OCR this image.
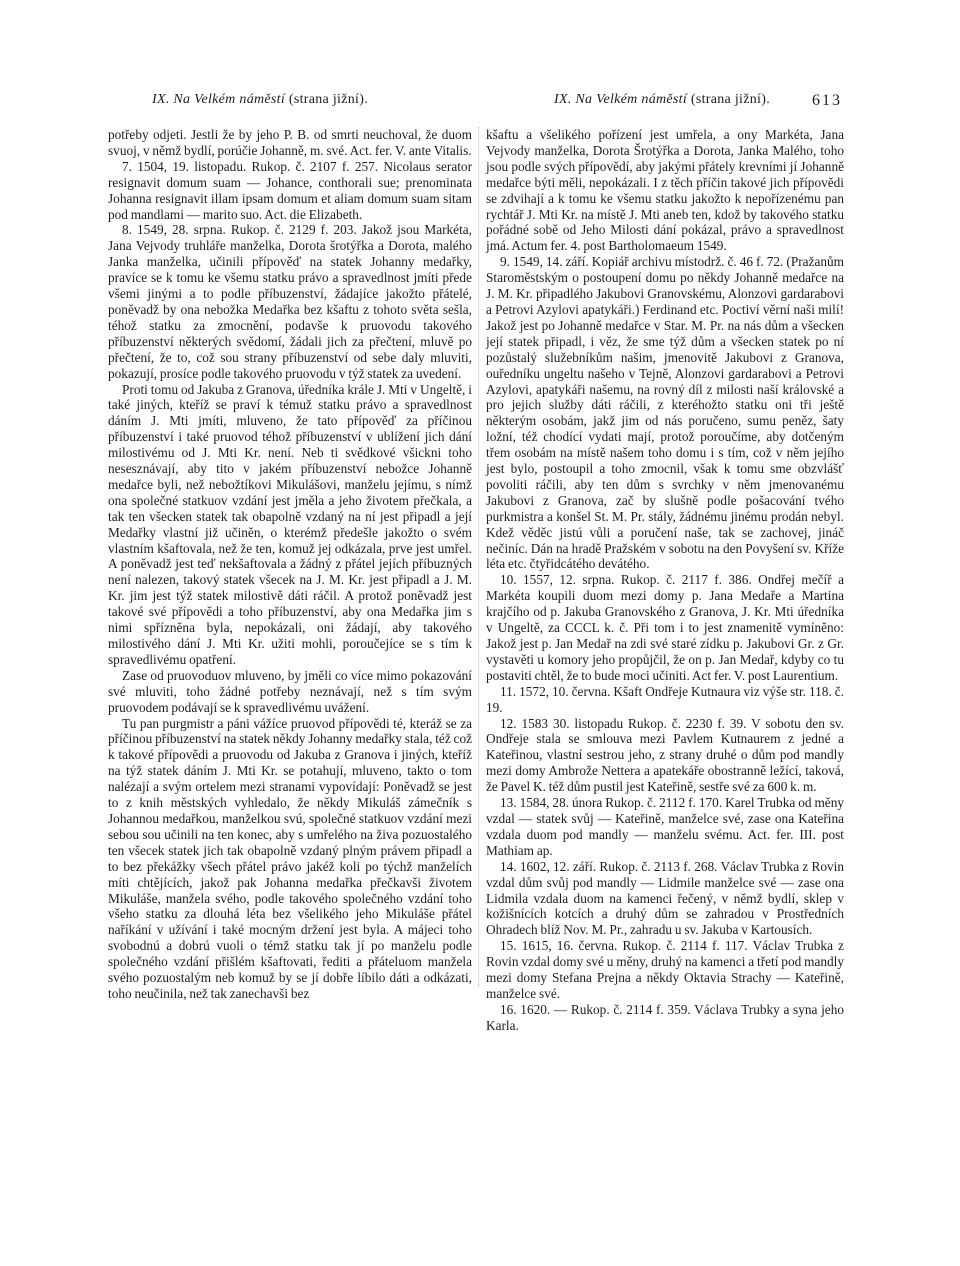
IX. Na Velkém náměstí (strana jižní).	IX. Na Velkém náměstí (strana jižní).	613

potřeby odjeti. Jestli že by jeho P. B. od smrti neuchoval, že duom svuoj, v němž bydlí, porúčie Johanně, m. své. Act. fer. V. ante Vitalis.

7. 1504, 19. listopadu. Rukop. č. 2107 f. 257. Nicolaus serator resignavit domum suam — Johance, conthorali sue; prenominata Johanna resignavit illam ipsam domum et aliam domum suam sitam pod mandlami — marito suo. Act. die Elizabeth.

8. 1549, 28. srpna. Rukop. č. 2129 f. 203. Jakož jsou Markéta, Jana Vejvody truhláře manželka, Dorota šrotýřka a Dorota, malého Janka manželka, učinili přípověď na statek Johanny medařky, pravíce se k tomu ke všemu statku právo a spravedlnost jmíti přede všemi jinými a to podle příbuzenství, žádajíce jakožto přátelé, poněvadž by ona nebožka Medařka bez kšaftu z tohoto světa sešla, téhož statku za zmocnění, podavše k pruovodu takového příbuzenství některých svědomí, žádali jich za přečtení, mluvě po přečtení, že to, což sou strany příbuzenství od sebe daly mluviti, pokazují, prosíce podle takového pruovodu v týž statek za uvedení.

Proti tomu od Jakuba z Granova, úředníka krále J. Mti v Ungeltě, i také jiných, kteříž se praví k témuž statku právo a spravedlnost dáním J. Mti jmíti, mluveno, že tato přípověď za příčinou příbuzenství i také pruovod téhož příbuzenství v ublížení jich dání milostivému od J. Mti Kr. není. Neb ti svědkové všickni toho nesesznávají, aby tito v jakém příbuzenství nebožce Johanně medařce byli, než nebožtíkovi Mikulášovi, manželu jejímu, s nímž ona společné statkuov vzdání jest jměla a jeho životem přečkala, a tak ten všecken statek tak obapolně vzdaný na ní jest připadl a její Medařky vlastní již učiněn, o kterémž předešle jakožto o svém vlastním kšaftovala, než že ten, komuž jej odkázala, prve jest umřel. A poněvadž jest teď nekšaftovala a žádný z přátel jejích příbuzných není nalezen, takový statek všecek na J. M. Kr. jest připadl a J. M. Kr. jim jest týž statek milostivě dáti ráčil. A protož poněvadž jest takové své přípovědi a toho příbuzenství, aby ona Medařka jim s nimi spřízněna byla, nepokázali, oni žádají, aby takového milostivého dání J. Mti Kr. užiti mohli, poroučejíce se s tím k spravedlivému opatření.

Zase od pruovoduov mluveno, by jměli co více mimo pokazování své mluviti, toho žádné potřeby neznávají, než s tím svým pruovodem podávají se k spravedlivému uvážení.

Tu pan purgmistr a páni vážíce pruovod přípovědi té, kteráž se za příčinou příbuzenství na statek někdy Johanny medařky stala, též což k takové přípovědi a pruovodu od Jakuba z Granova i jiných, kteříž na týž statek dáním J. Mti Kr. se potahují, mluveno, takto o tom nalézají a svým ortelem mezi stranami vypovídají: Poněvadž se jest to z knih městských vyhledalo, že někdy Mikuláš zámečník s Johannou medařkou, manželkou svú, společné statkuov vzdání mezi sebou sou učinili na ten konec, aby s umřelého na živa pozuostalého ten všecek statek jich tak obapolně vzdaný plným právem připadl a to bez překážky všech přátel právo jakéž koli po týchž manželích míti chtějících, jakož pak Johanna medařka přečkavši životem Mikuláše, manžela svého, podle takového společného vzdání toho všeho statku za dlouhá léta bez všelikého jeho Mikuláše přátel naříkání v užívání i také mocným držení jest byla. A májeci toho svobodnú a dobrú vuoli o témž statku tak jí po manželu podle společného vzdání přišlém kšaftovati, řediti a přáteluom manžela svého pozuostalým neb komuž by se jí dobře líbilo dáti a odkázati, toho neučinila, než tak zanechavši bez

kšaftu a všelikého pořízení jest umřela, a ony Markéta, Jana Vejvody manželka, Dorota Šrotýřka a Dorota, Janka Malého, toho jsou podle svých přípovědí, aby jakými přátely krevními jí Johanně medařce býti měli, nepokázali. I z těch příčin takové jich přípovědi se zdvihají a k tomu ke všemu statku jakožto k nepořízenému pan rychtář J. Mti Kr. na místě J. Mti aneb ten, kdož by takového statku pořádné sobě od Jeho Milosti dání pokázal, právo a spravedlnost jmá. Actum fer. 4. post Bartholomaeum 1549.

9. 1549, 14. září. Kopiář archivu místodrž. č. 46 f. 72. (Pražanům Staroměstským o postoupení domu po někdy Johanně medařce na J. M. Kr. připadlého Jakubovi Granovskému, Alonzovi gardarabovi a Petrovi Azylovi apatykáři.) Ferdinand etc. Poctiví věrní naši milí! Jakož jest po Johanně medařce v Star. M. Pr. na nás dům a všecken její statek připadl, i věz, že sme týž dům a všecken statek po ní pozůstalý služebníkům našim, jmenovitě Jakubovi z Granova, ouředníku ungeltu našeho v Tejně, Alonzovi gardarabovi a Petrovi Azylovi, apatykáři našemu, na rovný díl z milosti naší královské a pro jejich služby dáti ráčili, z kteréhožto statku oni tři ještě některým osobám, jakž jim od nás poručeno, sumu peněz, šaty ložní, též chodící vydati mají, protož poroučíme, aby dotčeným třem osobám na místě našem toho domu i s tím, což v něm jejího jest bylo, postoupil a toho zmocnil, však k tomu sme obzvlášť povoliti ráčili, aby ten dům s svrchky v něm jmenovanému Jakubovi z Granova, zač by slušně podle pošacování tvého purkmistra a konšel St. M. Pr. stály, žádnému jinému prodán nebyl. Kdež věděc jistú vůli a poručení naše, tak se zachovej, jináč nečiníc. Dán na hradě Pražském v sobotu na den Povyšení sv. Kříže léta etc. čtyřidcátého devátého.

10. 1557, 12. srpna. Rukop. č. 2117 f. 386. Ondřej mečíř a Markéta koupili duom mezi domy p. Jana Medaře a Martina krajčího od p. Jakuba Granovského z Granova, J. Kr. Mti úředníka v Ungeltě, za CCCL k. č. Při tom i to jest znamenitě vymíněno: Jakož jest p. Jan Medař na zdi své staré zídku p. Jakubovi Gr. z Gr. vystavěti u komory jeho propůjčil, že on p. Jan Medař, kdyby co tu postaviti chtěl, že to bude moci učiniti. Act fer. V. post Laurentium.

11. 1572, 10. června. Kšaft Ondřeje Kutnaura viz výše str. 118. č. 19.

12. 1583 30. listopadu Rukop. č. 2230 f. 39. V sobotu den sv. Ondřeje stala se smlouva mezi Pavlem Kutnaurem z jedné a Kateřinou, vlastní sestrou jeho, z strany druhé o dům pod mandly mezi domy Ambrože Nettera a apatekáře obostranně ležící, taková, že Pavel K. též dům pustil jest Kateřině, sestře své za 600 k. m.

13. 1584, 28. února Rukop. č. 2112 f. 170. Karel Trubka od měny vzdal — statek svůj — Kateřině, manželce své, zase ona Kateřina vzdala duom pod mandly — manželu svému. Act. fer. III. post Mathiam ap.

14. 1602, 12. září. Rukop. č. 2113 f. 268. Václav Trubka z Rovin vzdal dům svůj pod mandly — Lidmile manželce své — zase ona Lidmila vzdala duom na kamenci řečený, v němž bydlí, sklep v kožišnících kotcích a druhý dům se zahradou v Prostředních Ohradech blíž Nov. M. Pr., zahradu u sv. Jakuba v Kartousích.

15. 1615, 16. června. Rukop. č. 2114 f. 117. Václav Trubka z Rovin vzdal domy své u měny, druhý na kamenci a třetí pod mandly mezi domy Stefana Prejna a někdy Oktavia Strachy — Kateřině, manželce své.

16. 1620. — Rukop. č. 2114 f. 359. Václava Trubky a syna jeho Karla.
